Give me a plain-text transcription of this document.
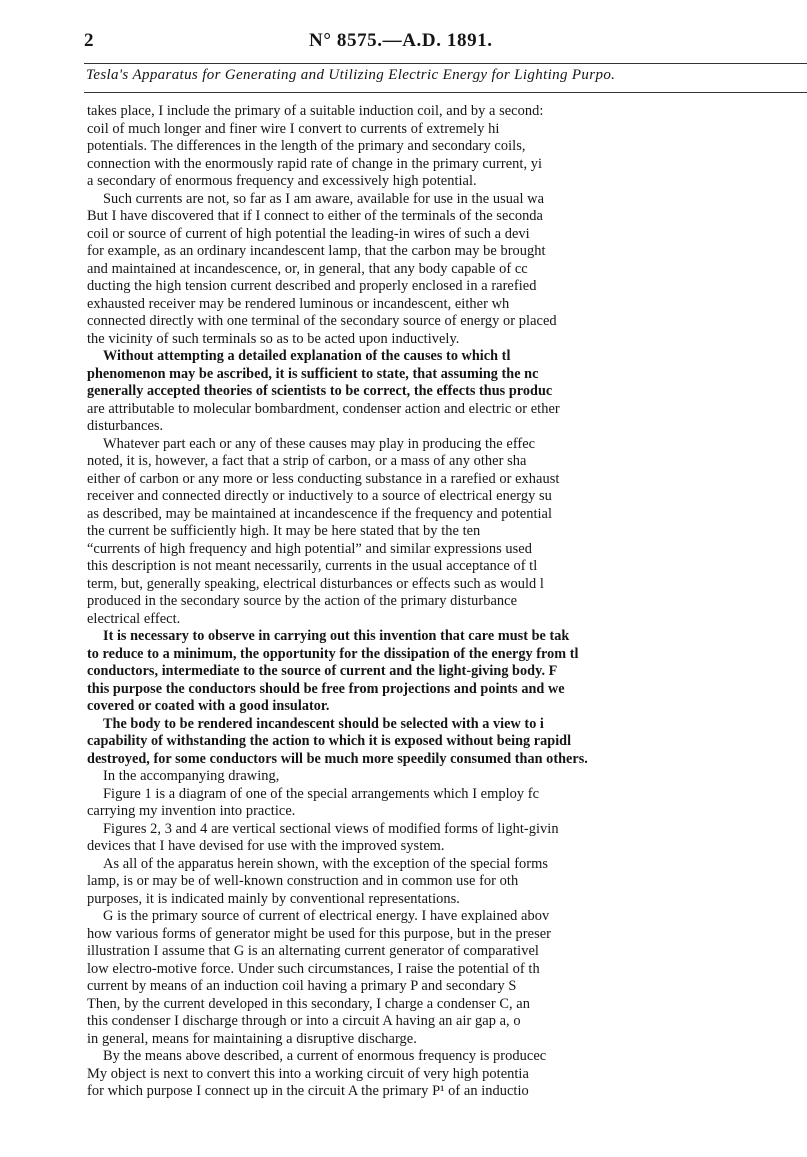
2	N° 8575.—A.D. 1891.
Tesla's Apparatus for Generating and Utilizing Electric Energy for Lighting Purpo.
takes place, I include the primary of a suitable induction coil, and by a second:
coil of much longer and finer wire I convert to currents of extremely hi
potentials. The differences in the length of the primary and secondary coils,
connection with the enormously rapid rate of change in the primary current, yi
a secondary of enormous frequency and excessively high potential.
Such currents are not, so far as I am aware, available for use in the usual wa
But I have discovered that if I connect to either of the terminals of the seconda
coil or source of current of high potential the leading-in wires of such a devi
for example, as an ordinary incandescent lamp, that the carbon may be brought
and maintained at incandescence, or, in general, that any body capable of cc
ducting the high tension current described and properly enclosed in a rarefied
exhausted receiver may be rendered luminous or incandescent, either wh
connected directly with one terminal of the secondary source of energy or placed
the vicinity of such terminals so as to be acted upon inductively.
Without attempting a detailed explanation of the causes to which tl
phenomenon may be ascribed, it is sufficient to state, that assuming the nc
generally accepted theories of scientists to be correct, the effects thus produc
are attributable to molecular bombardment, condenser action and electric or ether
disturbances.
Whatever part each or any of these causes may play in producing the effec
noted, it is, however, a fact that a strip of carbon, or a mass of any other sha
either of carbon or any more or less conducting substance in a rarefied or exhaust
receiver and connected directly or inductively to a source of electrical energy su
as described, may be maintained at incandescence if the frequency and potential
the current be sufficiently high. It may be here stated that by the ten
“currents of high frequency and high potential” and similar expressions used
this description is not meant necessarily, currents in the usual acceptance of tl
term, but, generally speaking, electrical disturbances or effects such as would l
produced in the secondary source by the action of the primary disturbance
electrical effect.
It is necessary to observe in carrying out this invention that care must be tak
to reduce to a minimum, the opportunity for the dissipation of the energy from tl
conductors, intermediate to the source of current and the light-giving body. F
this purpose the conductors should be free from projections and points and we
covered or coated with a good insulator.
The body to be rendered incandescent should be selected with a view to i
capability of withstanding the action to which it is exposed without being rapidl
destroyed, for some conductors will be much more speedily consumed than others.
In the accompanying drawing,
Figure 1 is a diagram of one of the special arrangements which I employ fc
carrying my invention into practice.
Figures 2, 3 and 4 are vertical sectional views of modified forms of light-givin
devices that I have devised for use with the improved system.
As all of the apparatus herein shown, with the exception of the special forms
lamp, is or may be of well-known construction and in common use for oth
purposes, it is indicated mainly by conventional representations.
G is the primary source of current of electrical energy. I have explained abov
how various forms of generator might be used for this purpose, but in the preser
illustration I assume that G is an alternating current generator of comparativel
low electro-motive force. Under such circumstances, I raise the potential of th
current by means of an induction coil having a primary P and secondary S
Then, by the current developed in this secondary, I charge a condenser C, an
this condenser I discharge through or into a circuit A having an air gap a, o
in general, means for maintaining a disruptive discharge.
By the means above described, a current of enormous frequency is producec
My object is next to convert this into a working circuit of very high potentia
for which purpose I connect up in the circuit A the primary P¹ of an inductio
